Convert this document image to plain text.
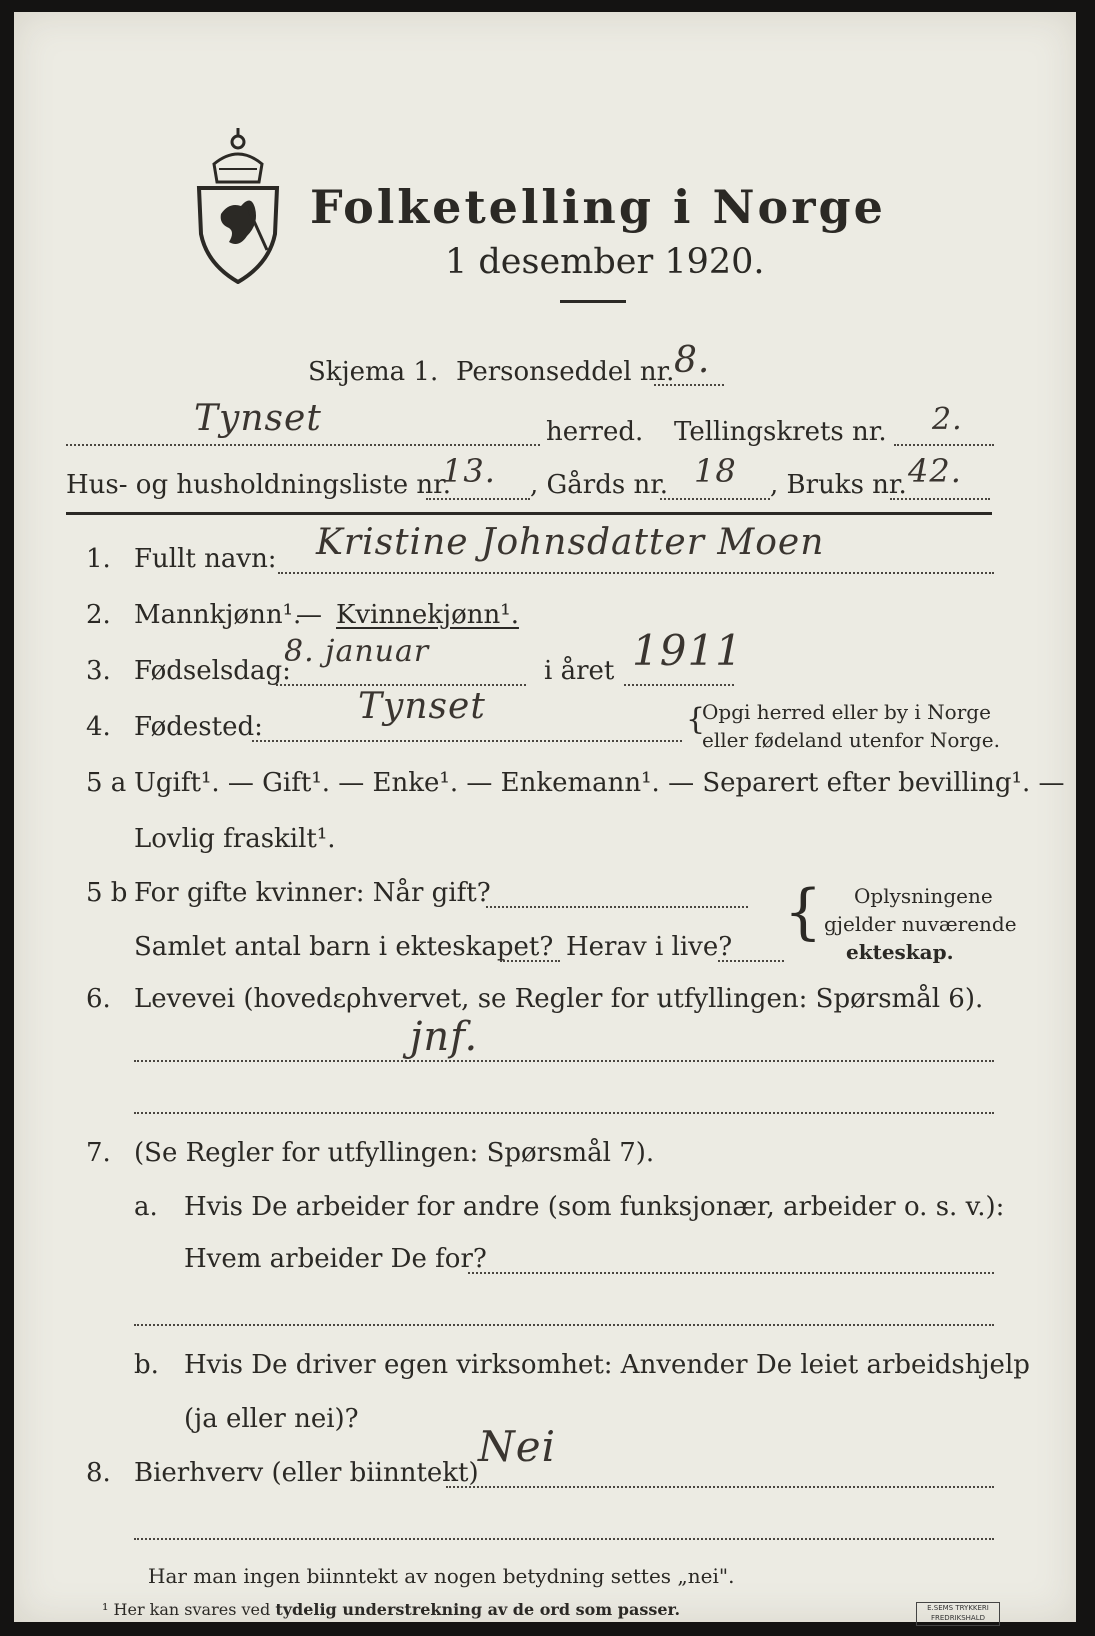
Folketelling i Norge
1 desember 1920.
Skjema 1. Personseddel nr. 8.
Tynset	herred. Tellingskrets nr. 2.
Hus- og husholdningsliste nr.
13. , Gårds nr. 18 , Bruks nr. 42.
1. Fullt navn: Kristine Johnsdatter Moen
2. Mannkjønn¹.
— Kvinnekjønn¹.
3. Fødselsdag:
8. januar
i året 1911
4. Fødested:	Tynset	{
Opgi herred eller by i Norge
eller fødeland utenfor Norge.
5 a Ugift¹. — Gift¹. — Enke¹. — Enkemann¹. — Separert efter bevilling¹. —
Lovlig fraskilt¹.
5 b For gifte kvinner: Når gift?
Samlet antal barn i ekteskapet? Herav i live? { Oplysningene
gjelder nuværende
ekteskap.
6. Levevei (hovedερhvervet, se Regler for utfyllingen: Spørsmål 6).
jnf.
7. (Se Regler for utfyllingen: Spørsmål 7).
a. Hvis De arbeider for andre (som funksjonær, arbeider o. s. v.):
Hvem arbeider De for?
b. Hvis De driver egen virksomhet: Anvender De leiet arbeidshjelp
(ja eller nei)?
8. Bierhverv (eller biinntekt)
Nei
Har man ingen biinntekt av nogen betydning settes „nei".
¹ Her kan svares ved tydelig understrekning av de ord som passer.	E.SEMS TRYKKERI
FREDRIKSHALD
